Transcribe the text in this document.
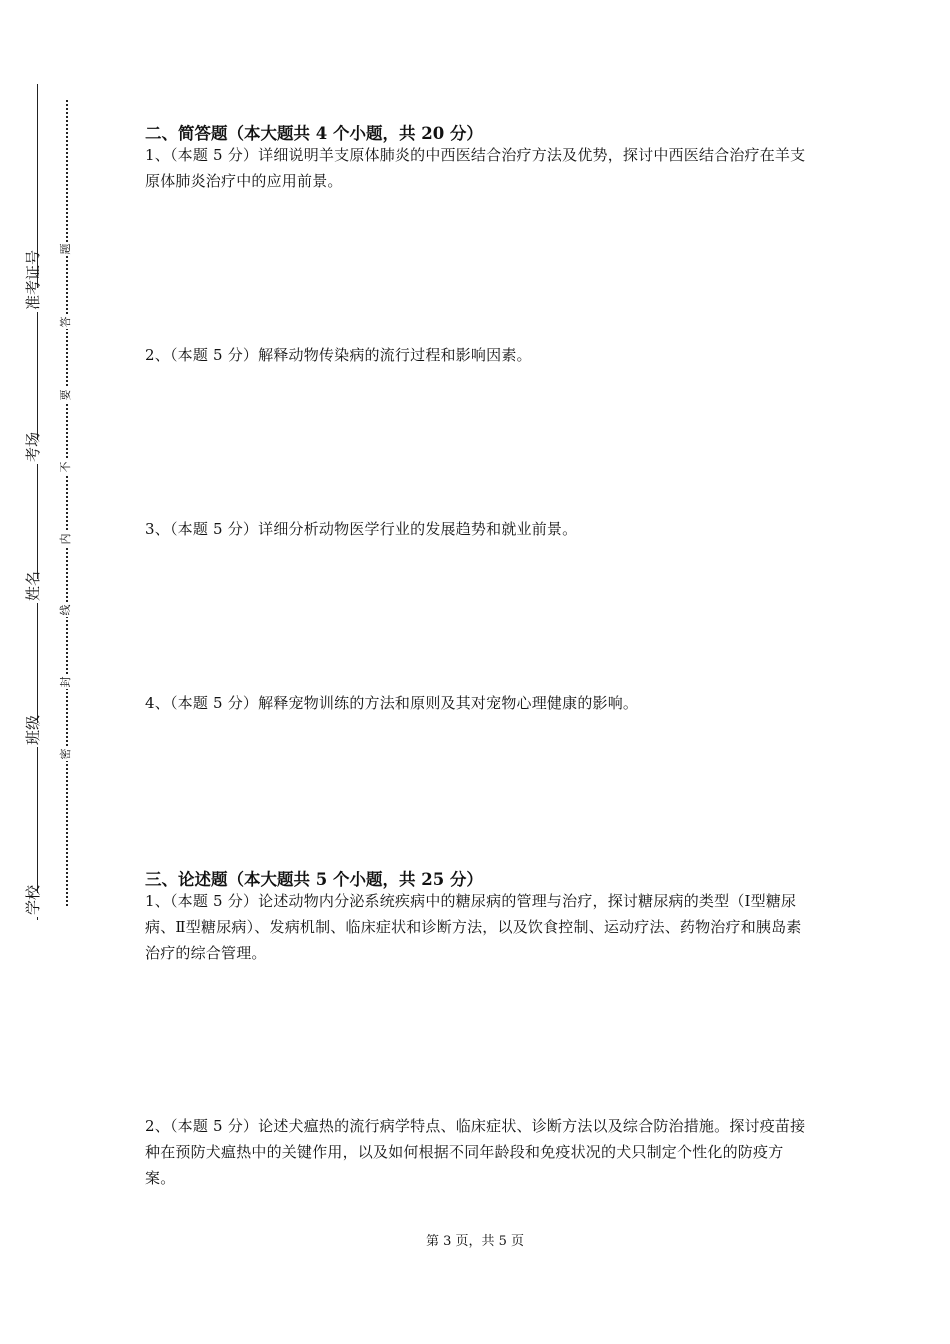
准考证号
考场
姓名
班级
学校
题
答
要
不
内
线
封
密
二、简答题（本大题共 4 个小题，共 20 分）
1、（本题 5 分）详细说明羊支原体肺炎的中西医结合治疗方法及优势，探讨中西医结合治疗在羊支原体肺炎治疗中的应用前景。
2、（本题 5 分）解释动物传染病的流行过程和影响因素。
3、（本题 5 分）详细分析动物医学行业的发展趋势和就业前景。
4、（本题 5 分）解释宠物训练的方法和原则及其对宠物心理健康的影响。
三、论述题（本大题共 5 个小题，共 25 分）
1、（本题 5 分）论述动物内分泌系统疾病中的糖尿病的管理与治疗，探讨糖尿病的类型（Ⅰ型糖尿病、Ⅱ型糖尿病）、发病机制、临床症状和诊断方法，以及饮食控制、运动疗法、药物治疗和胰岛素治疗的综合管理。
2、（本题 5 分）论述犬瘟热的流行病学特点、临床症状、诊断方法以及综合防治措施。探讨疫苗接种在预防犬瘟热中的关键作用，以及如何根据不同年龄段和免疫状况的犬只制定个性化的防疫方案。
第 3 页，共 5 页
